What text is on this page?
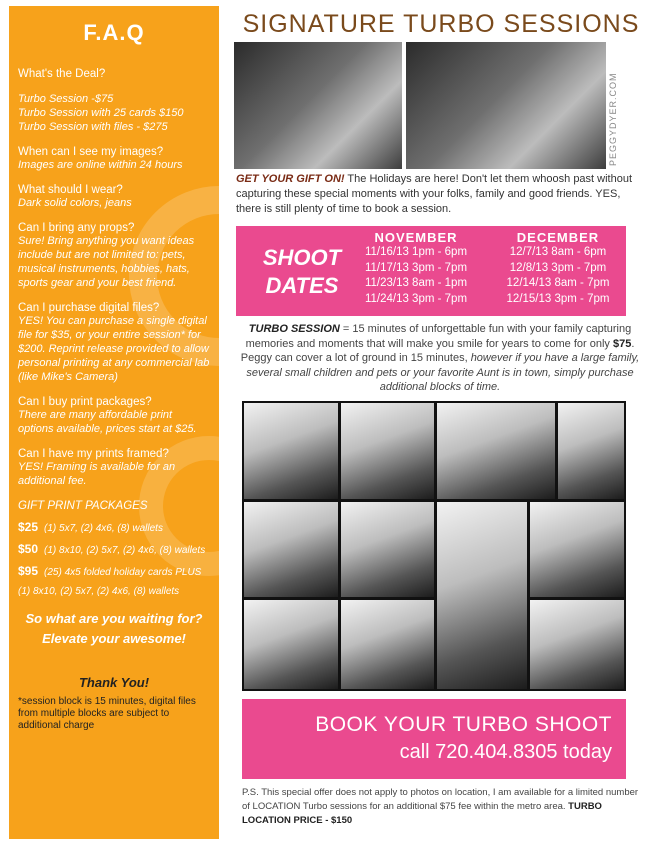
F.A.Q
What's the Deal?
Turbo Session -$75
Turbo Session with 25 cards $150
Turbo Session with files - $275
When can I see my images?
Images are online within 24 hours
What should I wear?
Dark solid colors, jeans
Can I bring any props?
Sure! Bring anything you want ideas include but are not limited to: pets, musical instruments, hobbies, hats, sports gear and your best friend.
Can I purchase digital files?
YES! You can purchase a single digital file for $35, or your entire session* for $200. Reprint release provided to allow personal printing at any commercial lab (like Mike's Camera)
Can I buy print packages?
There are many affordable print options available, prices start at $25.
Can I have my prints framed?
YES! Framing is available for an additional fee.
GIFT PRINT PACKAGES
$25 (1) 5x7, (2) 4x6, (8) wallets
$50 (1) 8x10, (2) 5x7, (2) 4x6, (8) wallets
$95 (25) 4x5 folded holiday cards PLUS
(1) 8x10, (2) 5x7, (2) 4x6, (8) wallets
So what are you waiting for?
Elevate your awesome!
Thank You!
*session block is 15 minutes, digital files from multiple blocks are subject to additional charge
SIGNATURE TURBO SESSIONS
PEGGYDYER.COM
GET YOUR GIFT ON! The Holidays are here! Don't let them whoosh past without capturing these special moments with your folks, family and good friends. YES, there is still plenty of time to book a session.
SHOOT
DATES
NOVEMBER
11/16/13 1pm - 6pm
11/17/13 3pm - 7pm
11/23/13 8am - 1pm
11/24/13 3pm - 7pm
DECEMBER
12/7/13 8am - 6pm
12/8/13 3pm - 7pm
12/14/13 8am - 7pm
12/15/13 3pm - 7pm
TURBO SESSION = 15 minutes of unforgettable fun with your family capturing memories and moments that will make you smile for years to come for only $75. Peggy can cover a lot of ground in 15 minutes, however if you have a large family, several small children and pets or your favorite Aunt is in town, simply purchase additional blocks of time.
BOOK YOUR TURBO SHOOT
call 720.404.8305 today
P.S. This special offer does not apply to photos on location, I am available for a limited number of LOCATION Turbo sessions for an additional $75 fee within the metro area. TURBO LOCATION PRICE - $150
